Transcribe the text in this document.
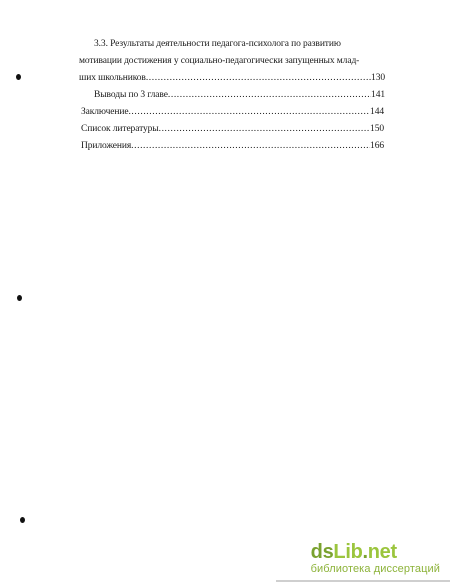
3.3. Результаты деятельности педагога-психолога по развитию
мотивации достижения у социально-педагогически запущенных млад-
ших школьников .....	130
Выводы по 3 главе .....	141
Заключение .....	144
Список литературы .....	150
Приложения .....	166
dsLib.net
библиотека диссертаций
